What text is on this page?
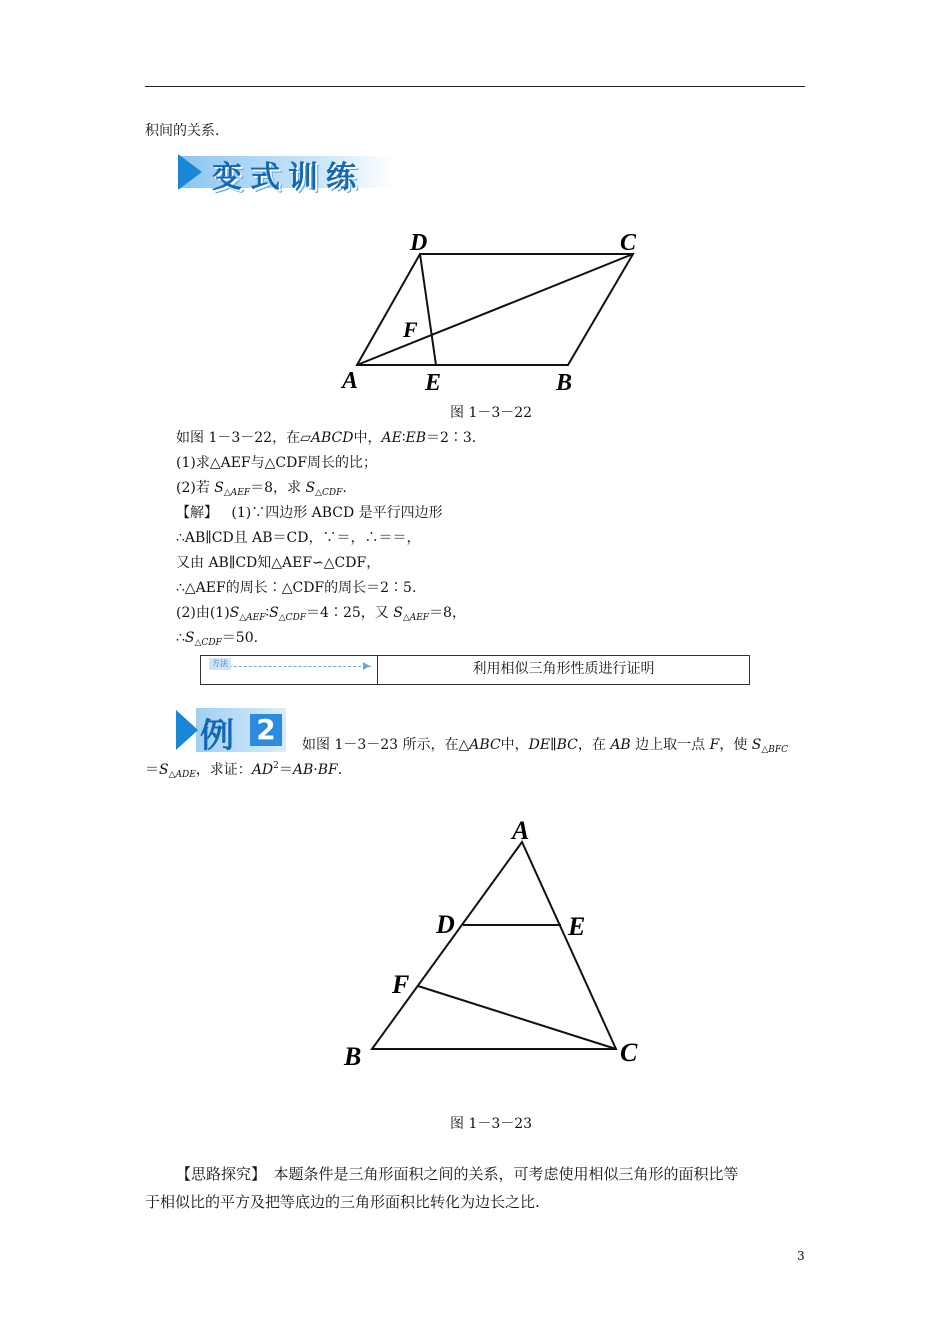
积间的关系．
变式训练
A	E	B
D	C
F
图 1－3－22
如图 1－3－22，在▱ABCD中，AE∶EB＝2∶3.
(1)求△AEF与△CDF周长的比；
(2)若 $S_{\triangle AEF}=8$，求 $S_{\triangle CDF}$.
【解】 (1)∵四边形 ABCD 是平行四边形
∴AB∥CD且 AB＝CD，∵＝，∴＝＝，
又由 AB∥CD知△AEF∽△CDF，
∴△AEF的周长∶△CDF的周长＝2∶5.
(2)由$(1)S_{\triangle AEF}∶S_{\triangle CDF}=4∶25$，又 $S_{\triangle AEF}=8$，
$\therefore S_{\triangle CDF}=50$.
方法	利用相似三角形性质进行证明
例 2	如图 1－3－23 所示，在△ABC中，DE∥BC，在 AB 边上取一点 F，使 $S_{\triangle BFC}$
$=S_{\triangle ADE}$，求证：$AD^2=AB\cdot BF$.
A
D	E
F
B	C
图 1－3－23
【思路探究】　本题条件是三角形面积之间的关系，可考虑使用相似三角形的面积比等
于相似比的平方及把等底边的三角形面积比转化为边长之比.
3
